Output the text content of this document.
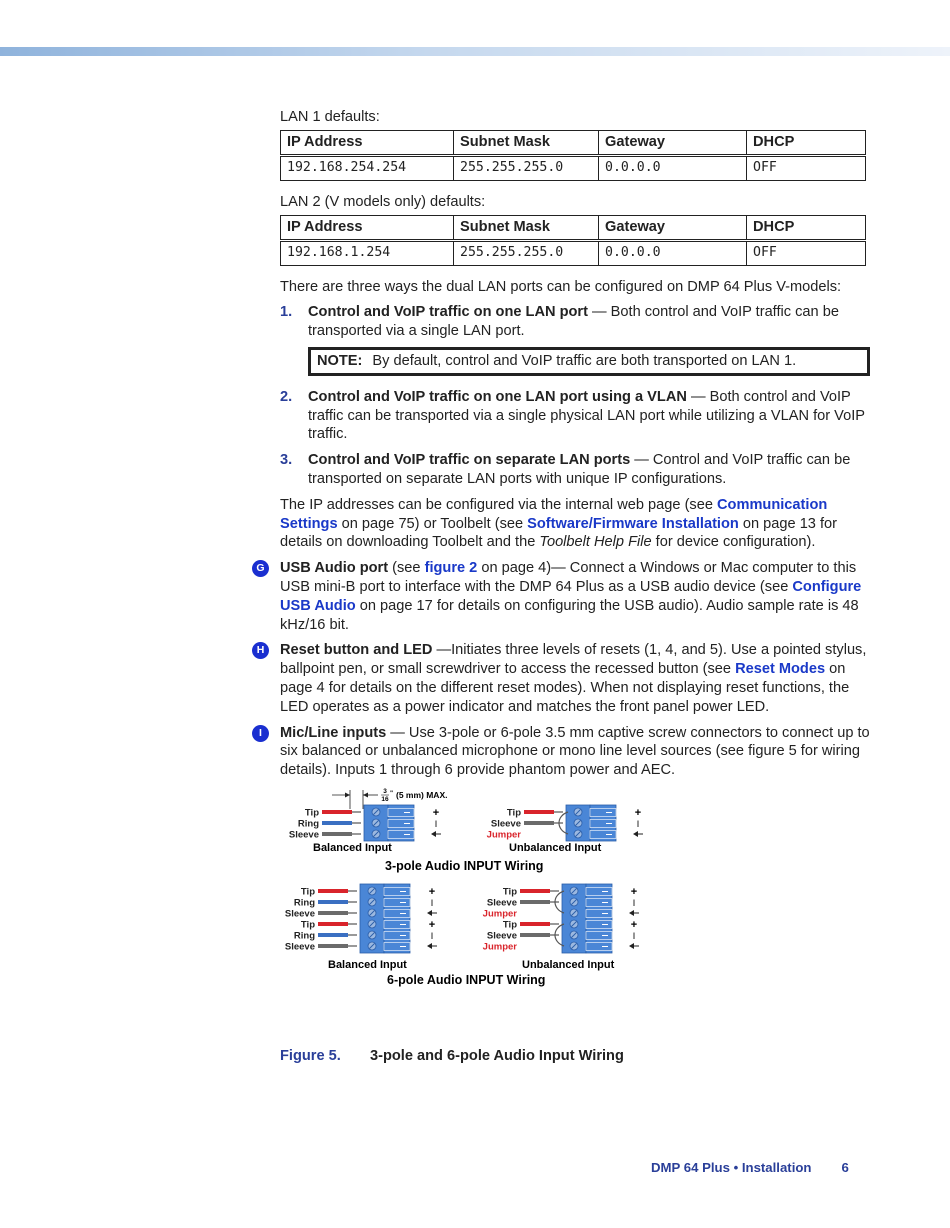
LAN 1 defaults:
IP Address	Subnet Mask	Gateway	DHCP
192.168.254.254	255.255.255.0	0.0.0.0	OFF
LAN 2 (V models only) defaults:
IP Address	Subnet Mask	Gateway	DHCP
192.168.1.254	255.255.255.0	0.0.0.0	OFF

There are three ways the dual LAN ports can be configured on DMP 64 Plus V-models:

1. Control and VoIP traffic on one LAN port — Both control and VoIP traffic can be transported via a single LAN port.
NOTE: By default, control and VoIP traffic are both transported on LAN 1.
2. Control and VoIP traffic on one LAN port using a VLAN — Both control and VoIP traffic can be transported via a single physical LAN port while utilizing a VLAN for VoIP traffic.
3. Control and VoIP traffic on separate LAN ports — Control and VoIP traffic can be transported on separate LAN ports with unique IP configurations.

The IP addresses can be configured via the internal web page (see Communication Settings on page 75) or Toolbelt (see Software/Firmware Installation on page 13 for details on downloading Toolbelt and the Toolbelt Help File for device configuration).

G	USB Audio port (see figure 2 on page 4)— Connect a Windows or Mac computer to this USB mini-B port to interface with the DMP 64 Plus as a USB audio device (see Configure USB Audio on page 17 for details on configuring the USB audio). Audio sample rate is 48 kHz/16 bit.
H	Reset button and LED —Initiates three levels of resets (1, 4, and 5). Use a pointed stylus, ballpoint pen, or small screwdriver to access the recessed button (see Reset Modes on page 4 for details on the different reset modes). When not displaying reset functions, the LED operates as a power indicator and matches the front panel power LED.
I	Mic/Line inputs — Use 3-pole or 6-pole 3.5 mm captive screw connectors to connect up to six balanced or unbalanced microphone or mono line level sources (see figure 5 for wiring details). Inputs 1 through 6 provide phantom power and AEC.
3
16
" (5 mm) MAX.
Tip
Ring
Sleeve
+
I
Tip
Sleeve
Jumper
+
I
Balanced Input	Unbalanced Input
3-pole Audio INPUT Wiring
Tip
Ring
Sleeve
Tip
Ring
Sleeve
+
I
+
I
Tip
Sleeve
Jumper
Tip
Sleeve
Jumper
+
I
+
I
Balanced Input	Unbalanced Input
6-pole Audio INPUT Wiring
Figure 5. 3-pole and 6-pole Audio Input Wiring
DMP 64 Plus • Installation 6
